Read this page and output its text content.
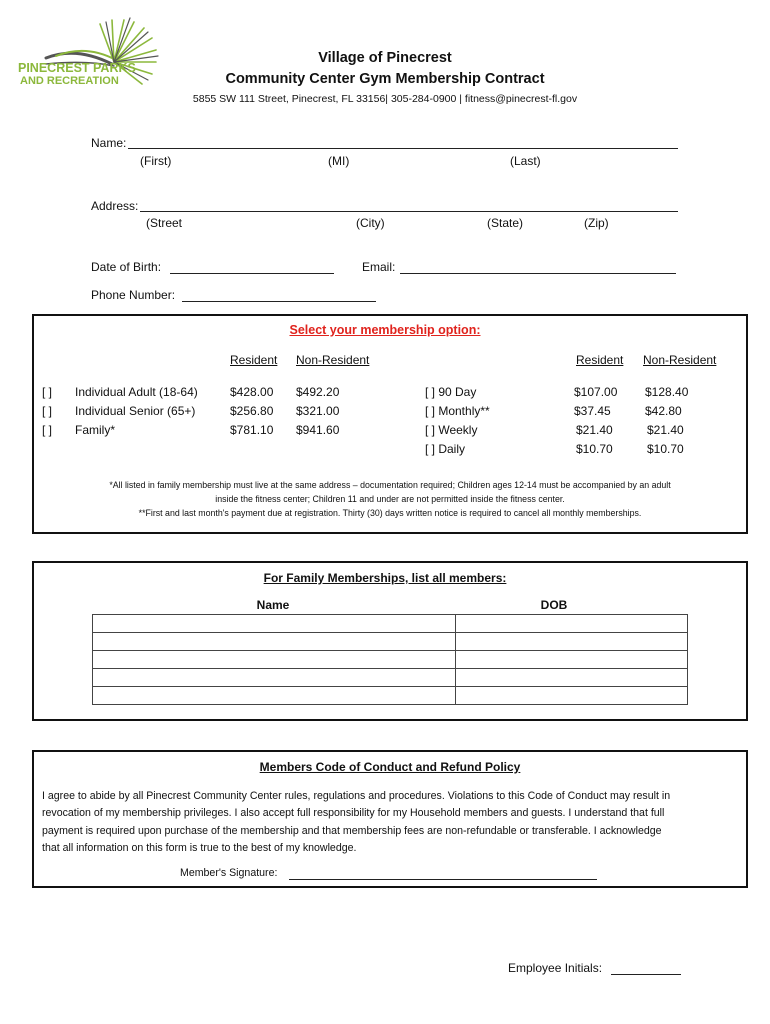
PINECREST PARKS
AND RECREATION
Village of Pinecrest
Community Center Gym Membership Contract
5855 SW 111 Street, Pinecrest, FL 33156| 305-284-0900 | fitness@pinecrest-fl.gov
Name:
(First)	(MI)	(Last)
Address:
(Street	(City)	(State)	(Zip)
Date of Birth:	Email:
Phone Number:
Select your membership option:
Resident Non-Resident	Resident Non-Resident
[ ] Individual Adult (18-64)	$428.00 $492.20
[ ] Individual Senior (65+)	$256.80 $321.00
[ ] Family*	$781.10 $941.60
[ ] 90 Day	$107.00 $128.40
[ ] Monthly**	$37.45	$42.80
[ ] Weekly	$21.40	$21.40
[ ] Daily	$10.70	$10.70
*All listed in family membership must live at the same address – documentation required; Children ages 12-14 must be accompanied by an adult
inside the fitness center; Children 11 and under are not permitted inside the fitness center.
**First and last month's payment due at registration. Thirty (30) days written notice is required to cancel all monthly memberships.
For Family Memberships, list all members:
Name	DOB

Members Code of Conduct and Refund Policy
I agree to abide by all Pinecrest Community Center rules, regulations and procedures. Violations to this Code of Conduct may result in
revocation of my membership privileges. I also accept full responsibility for my Household members and guests. I understand that full
payment is required upon purchase of the membership and that membership fees are non-refundable or transferable. I acknowledge
that all information on this form is true to the best of my knowledge.
Member's Signature:
Employee Initials:
